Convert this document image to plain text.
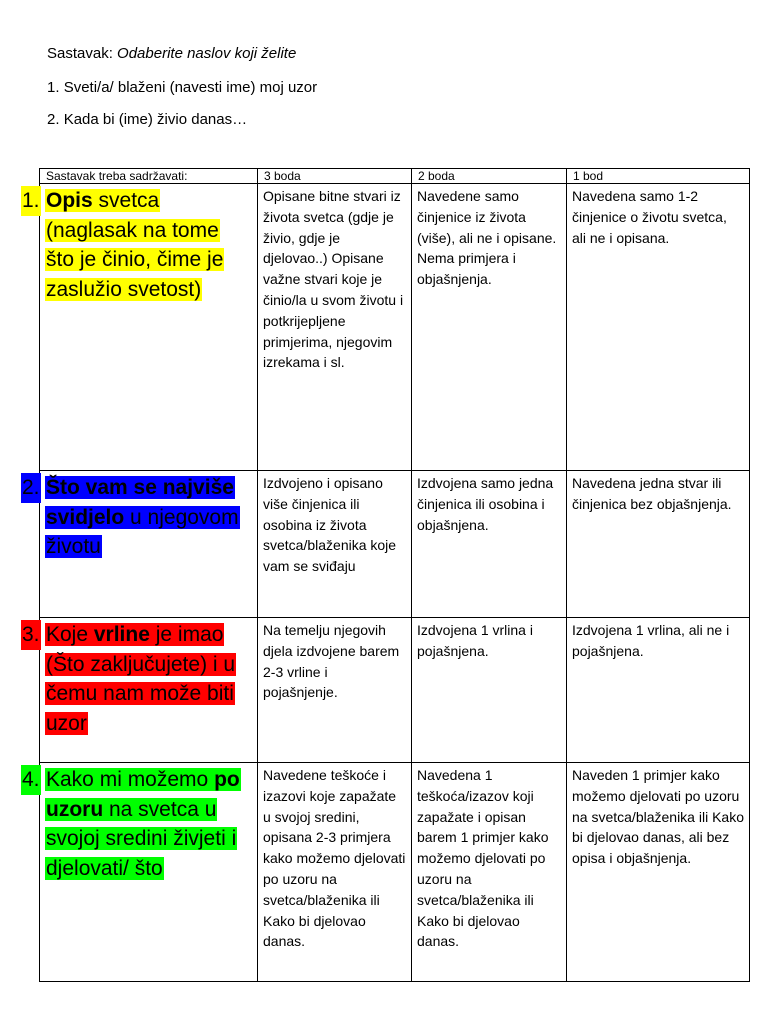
Sastavak: Odaberite naslov koji želite
1. Sveti/a/ blaženi (navesti ime) moj uzor
2. Kada bi (ime) živio danas…
Sastavak treba sadržavati:	3 boda	2 boda	1 bod

1. Opis svetca (naglasak na tome što je činio, čime je zaslužio svetost)	Opisane bitne stvari iz života svetca (gdje je živio, gdje je djelovao..) Opisane važne stvari koje je činio/la u svom životu i potkrijepljene primjerima, njegovim izrekama i sl.	Navedene samo činjenice iz života (više), ali ne i opisane. Nema primjera i objašnjenja.	Navedena samo 1-2 činjenice o životu svetca, ali ne i opisana.

2. Što vam se najviše svidjelo u njegovom životu	Izdvojeno i opisano više činjenica ili osobina iz života svetca/blaženika koje vam se sviđaju	Izdvojena samo jedna činjenica ili osobina i objašnjena.	Navedena jedna stvar ili činjenica bez objašnjenja.

3. Koje vrline je imao (Što zaključujete) i u čemu nam može biti uzor	Na temelju njegovih djela izdvojene barem 2-3 vrline i pojašnjenje.	Izdvojena 1 vrlina i pojašnjena.	Izdvojena 1 vrlina, ali ne i pojašnjena.

4. Kako mi možemo po uzoru na svetca u svojoj sredini živjeti i djelovati/ što	Navedene teškoće i izazovi koje zapažate u svojoj sredini, opisana 2-3 primjera kako možemo djelovati po uzoru na svetca/blaženika ili Kako bi djelovao danas.	Navedena 1 teškoća/izazov koji zapažate i opisan barem 1 primjer kako možemo djelovati po uzoru na svetca/blaženika ili Kako bi djelovao danas.	Naveden 1 primjer kako možemo djelovati po uzoru na svetca/blaženika ili Kako bi djelovao danas, ali bez opisa i objašnjenja.
